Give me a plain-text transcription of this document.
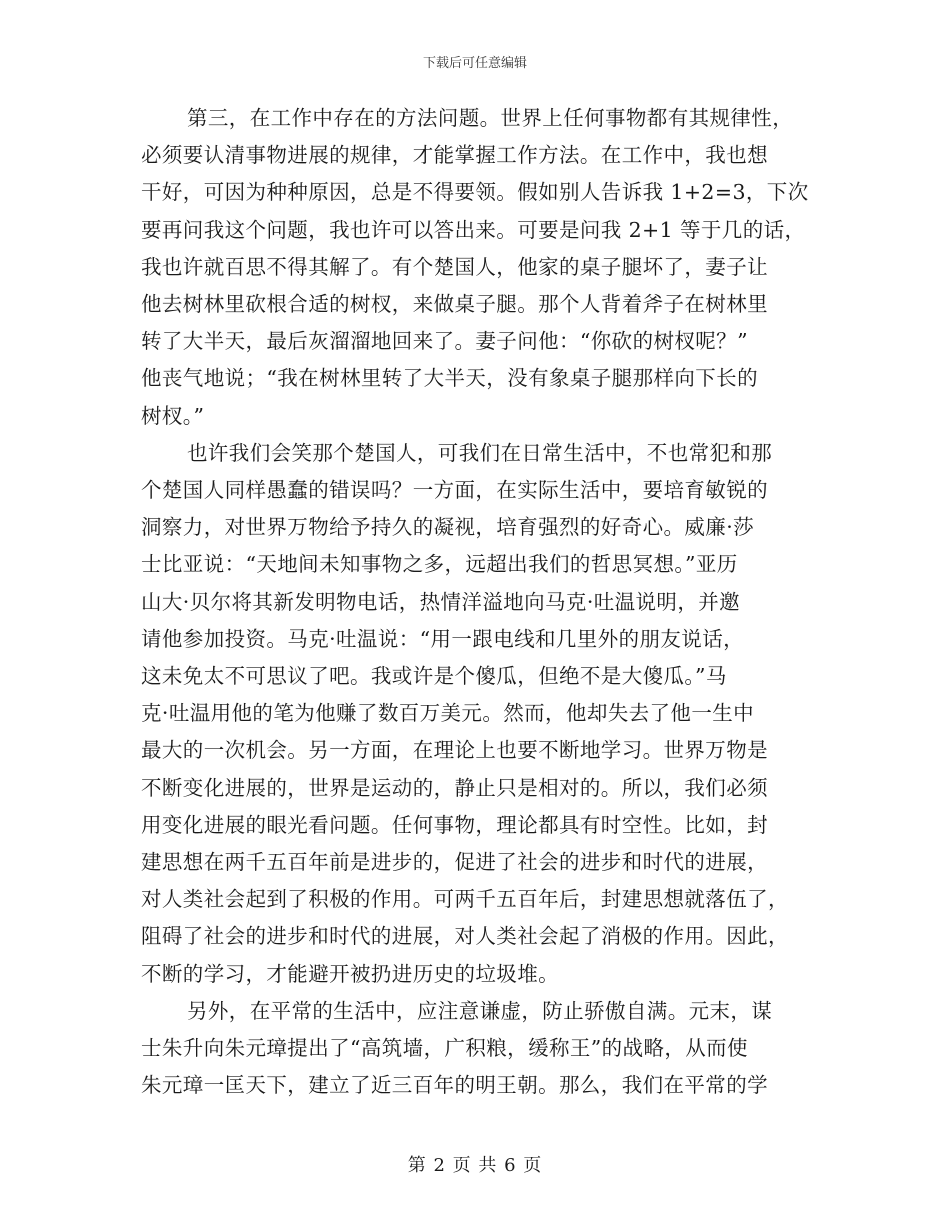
下载后可任意编辑

第三，在工作中存在的方法问题。世界上任何事物都有其规律性，
必须要认清事物进展的规律，才能掌握工作方法。在工作中，我也想
干好，可因为种种原因，总是不得要领。假如别人告诉我 1+2=3，下次
要再问我这个问题，我也许可以答出来。可要是问我 2+1 等于几的话，
我也许就百思不得其解了。有个楚国人，他家的桌子腿坏了，妻子让
他去树林里砍根合适的树杈，来做桌子腿。那个人背着斧子在树林里
转了大半天，最后灰溜溜地回来了。妻子问他：“你砍的树杈呢？”
他丧气地说；“我在树林里转了大半天，没有象桌子腿那样向下长的
树杈。”

也许我们会笑那个楚国人，可我们在日常生活中，不也常犯和那
个楚国人同样愚蠢的错误吗？一方面，在实际生活中，要培育敏锐的
洞察力，对世界万物给予持久的凝视，培育强烈的好奇心。威廉·莎
士比亚说：“天地间未知事物之多，远超出我们的哲思冥想。”亚历
山大·贝尔将其新发明物电话，热情洋溢地向马克·吐温说明，并邀
请他参加投资。马克·吐温说：“用一跟电线和几里外的朋友说话，
这未免太不可思议了吧。我或许是个傻瓜，但绝不是大傻瓜。”马
克·吐温用他的笔为他赚了数百万美元。然而，他却失去了他一生中
最大的一次机会。另一方面，在理论上也要不断地学习。世界万物是
不断变化进展的，世界是运动的，静止只是相对的。所以，我们必须
用变化进展的眼光看问题。任何事物，理论都具有时空性。比如，封
建思想在两千五百年前是进步的，促进了社会的进步和时代的进展，
对人类社会起到了积极的作用。可两千五百年后，封建思想就落伍了，
阻碍了社会的进步和时代的进展，对人类社会起了消极的作用。因此，
不断的学习，才能避开被扔进历史的垃圾堆。

另外，在平常的生活中，应注意谦虚，防止骄傲自满。元末，谋
士朱升向朱元璋提出了“高筑墙，广积粮，缓称王”的战略，从而使
朱元璋一匡天下，建立了近三百年的明王朝。那么，我们在平常的学

第 2 页 共 6 页
